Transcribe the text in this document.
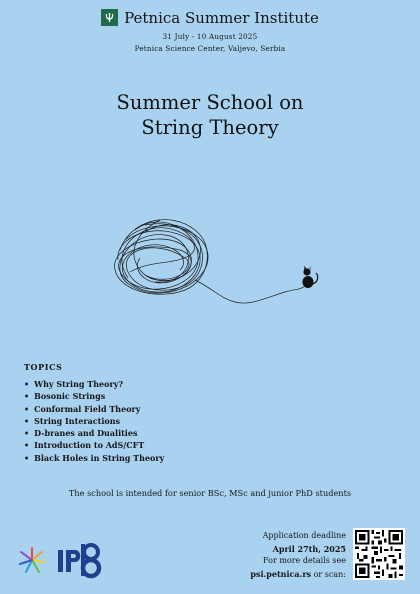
Petnica Summer Institute
31 July - 10 August 2025
Petnica Science Center, Valjevo, Serbia
Summer School on
String Theory
TOPICS
• Why String Theory?
• Bosonic Strings
• Conformal Field Theory
• String Interactions
• D-branes and Dualities
• Introduction to AdS/CFT
• Black Holes in String Theory
The school is intended for senior BSc, MSc and junior PhD students
Application deadline
April 27th, 2025
For more details see
psi.petnica.rs or scan:
